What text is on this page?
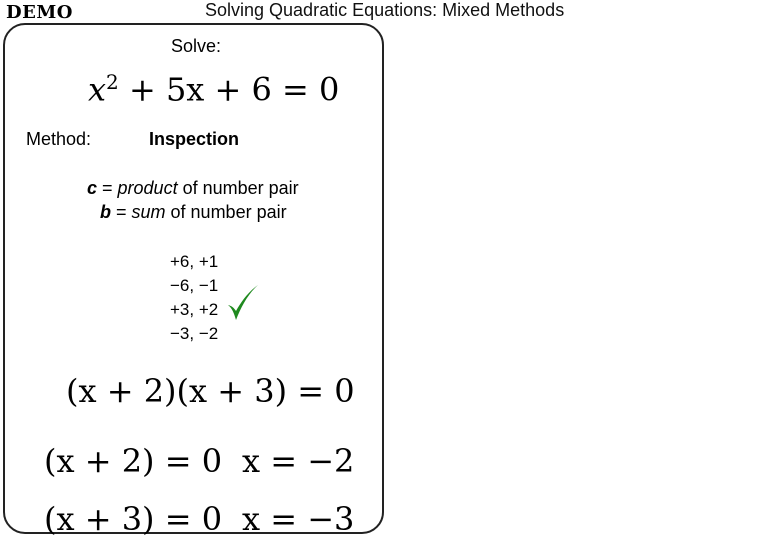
DEMO	Solving Quadratic Equations: Mixed Methods
Solve:
$x^2 + 5x + 6 = 0$
Method:	Inspection
c = product of number pair
b = sum of number pair
+6, +1
−6, −1
+3, +2
−3, −2
(x + 2)(x + 3) = 0
(x + 2) = 0 x = −2
(x + 3) = 0 x = −3
